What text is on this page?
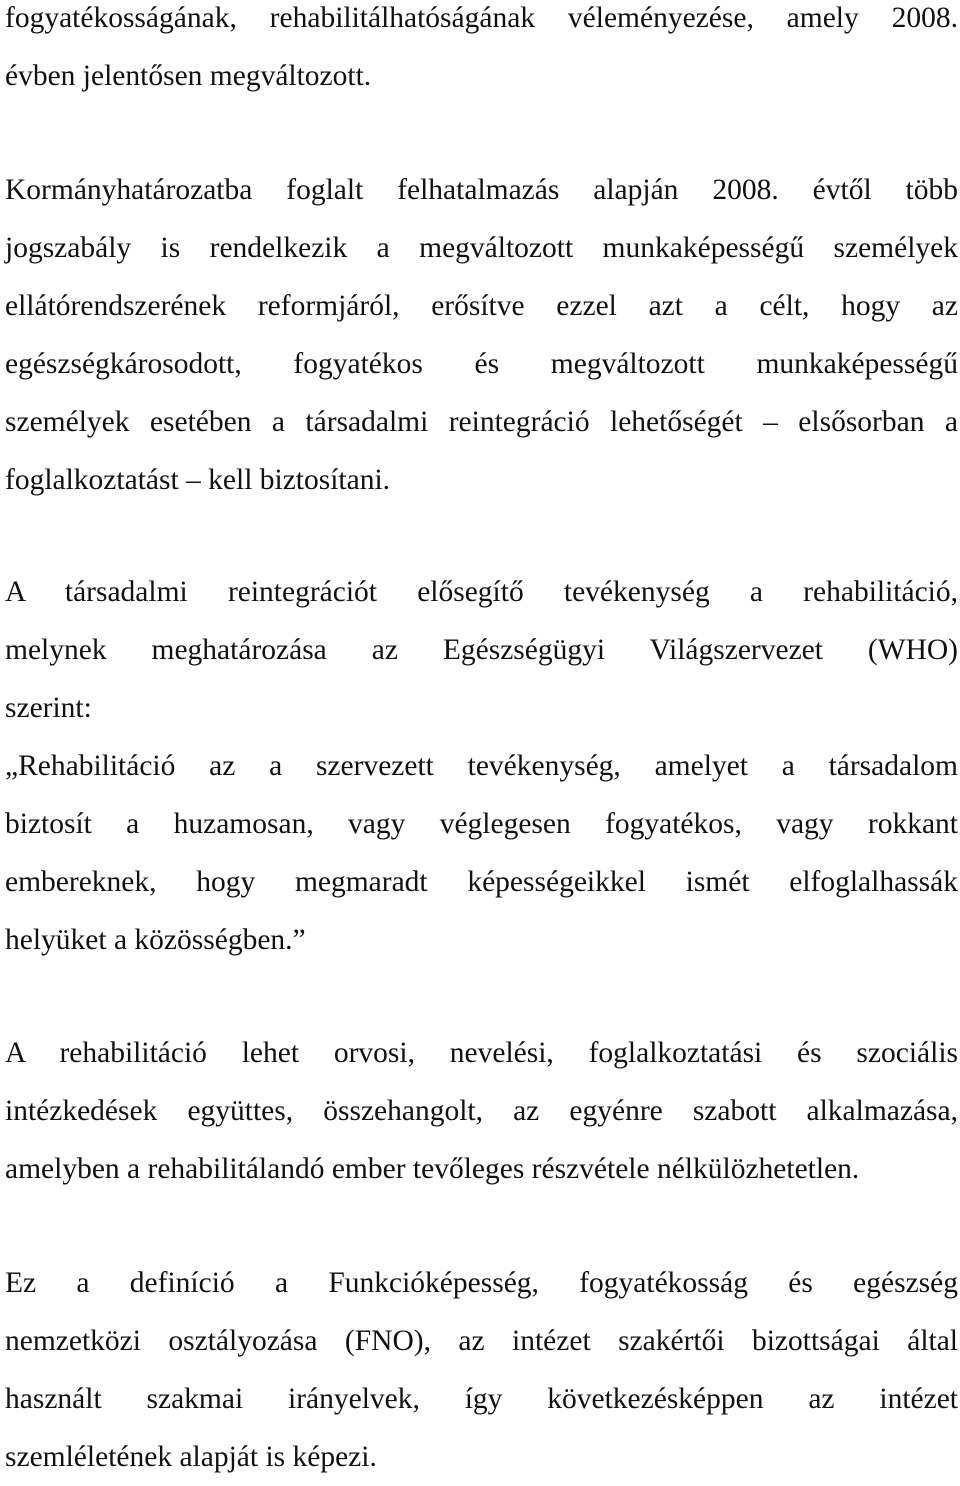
fogyatékosságának, rehabilitálhatóságának véleményezése, amely 2008.
évben jelentősen megváltozott.
Kormányhatározatba foglalt felhatalmazás alapján 2008. évtől több
jogszabály is rendelkezik a megváltozott munkaképességű személyek
ellátórendszerének reformjáról, erősítve ezzel azt a célt, hogy az
egészségkárosodott, fogyatékos és megváltozott munkaképességű
személyek esetében a társadalmi reintegráció lehetőségét – elsősorban a
foglalkoztatást – kell biztosítani.
A társadalmi reintegrációt elősegítő tevékenység a rehabilitáció,
melynek meghatározása az Egészségügyi Világszervezet (WHO)
szerint:
„Rehabilitáció az a szervezett tevékenység, amelyet a társadalom
biztosít a huzamosan, vagy véglegesen fogyatékos, vagy rokkant
embereknek, hogy megmaradt képességeikkel ismét elfoglalhassák
helyüket a közösségben.”
A rehabilitáció lehet orvosi, nevelési, foglalkoztatási és szociális
intézkedések együttes, összehangolt, az egyénre szabott alkalmazása,
amelyben a rehabilitálandó ember tevőleges részvétele nélkülözhetetlen.
Ez a definíció a Funkcióképesség, fogyatékosság és egészség
nemzetközi osztályozása (FNO), az intézet szakértői bizottságai által
használt szakmai irányelvek, így következésképpen az intézet
szemléletének alapját is képezi.
